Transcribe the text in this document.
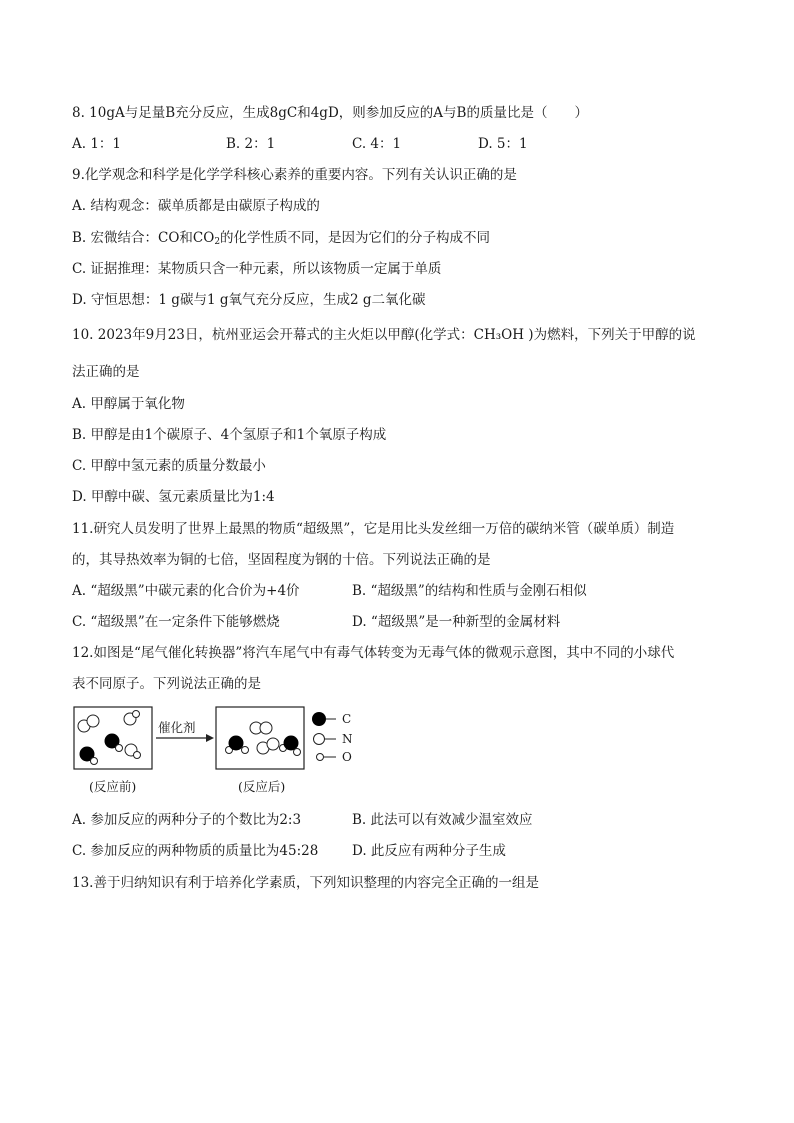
8. 10gA与足量B充分反应，生成8gC和4gD，则参加反应的A与B的质量比是（　　）
A. 1：1	B. 2：1	C. 4：1	D. 5：1
9.化学观念和科学是化学学科核心素养的重要内容。下列有关认识正确的是
A. 结构观念：碳单质都是由碳原子构成的
B. 宏微结合：CO和$CO_2$的化学性质不同，是因为它们的分子构成不同
C. 证据推理：某物质只含一种元素，所以该物质一定属于单质
D. 守恒思想：1 g碳与1 g氧气充分反应，生成2 g二氧化碳
10. 2023年9月23日，杭州亚运会开幕式的主火炬以甲醇(化学式：CH₃OH )为燃料，下列关于甲醇的说
法正确的是
A. 甲醇属于氧化物
B. 甲醇是由1个碳原子、4个氢原子和1个氧原子构成
C. 甲醇中氢元素的质量分数最小
D. 甲醇中碳、氢元素质量比为1:4
11.研究人员发明了世界上最黑的物质“超级黑”，它是用比头发丝细一万倍的碳纳米管（碳单质）制造
的，其导热效率为铜的七倍，坚固程度为钢的十倍。下列说法正确的是
A. “超级黑”中碳元素的化合价为+4价	B. “超级黑”的结构和性质与金刚石相似
C. “超级黑”在一定条件下能够燃烧	D. “超级黑”是一种新型的金属材料
12.如图是“尾气催化转换器”将汽车尾气中有毒气体转变为无毒气体的微观示意图，其中不同的小球代
表不同原子。下列说法正确的是
催化剂
(反应前)	(反应后)
C
N
O
A. 参加反应的两种分子的个数比为2:3	B. 此法可以有效减少温室效应
C. 参加反应的两种物质的质量比为45:28 D. 此反应有两种分子生成
13.善于归纳知识有利于培养化学素质，下列知识整理的内容完全正确的一组是
